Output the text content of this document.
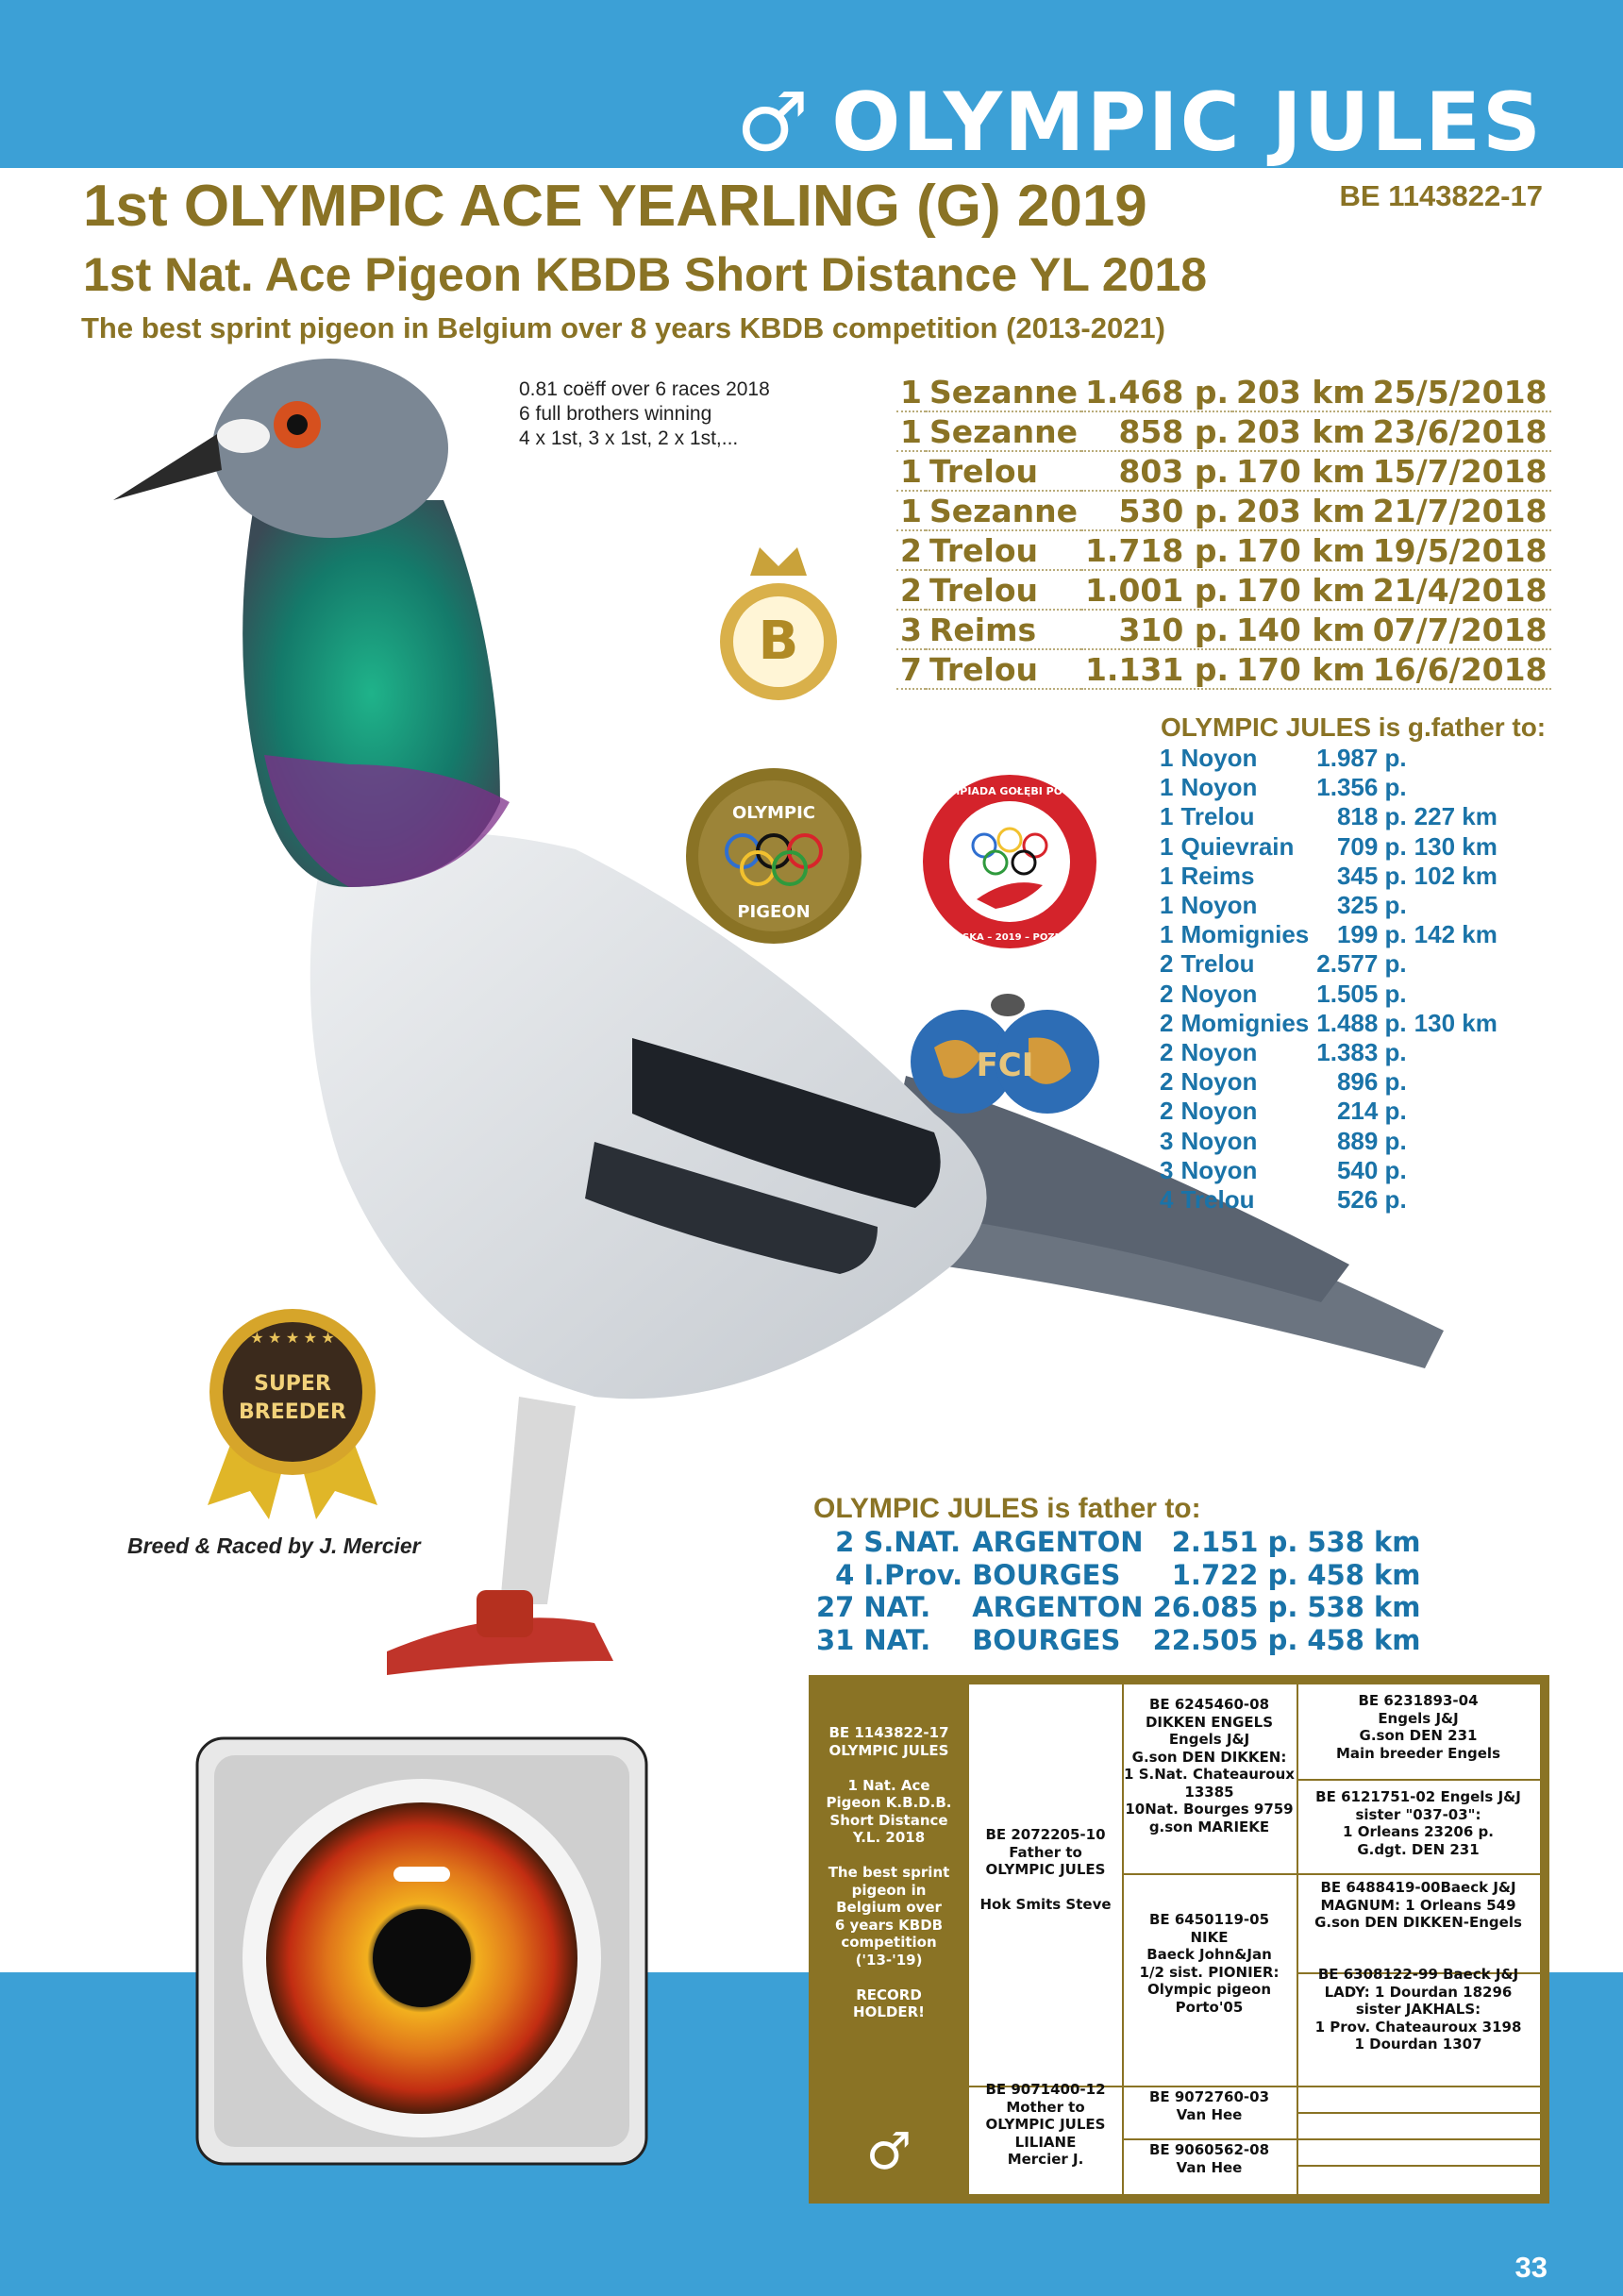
♂ OLYMPIC JULES
1st OLYMPIC ACE YEARLING (G) 2019	BE 1143822-17
1st Nat. Ace Pigeon KBDB Short Distance YL 2018
The best sprint pigeon in Belgium over 8 years KBDB competition (2013-2021)
0.81 coëff over 6 races 2018
6 full brothers winning
4 x 1st, 3 x 1st, 2 x 1st,...
B
OLYMPIC
PIGEON
XXXVI OLIMPIADA GOŁĘBI POCZTOWYCH
POLSKA – 2019 – POZNAŃ
FCI
★ ★ ★ ★ ★
SUPER
BREEDER
Breed & Raced by J. Mercier
1	Sezanne	1.468 p.	203 km	25/5/2018
1	Sezanne	858 p.	203 km	23/6/2018
1	Trelou	803 p.	170 km	15/7/2018
1	Sezanne	530 p.	203 km	21/7/2018
2	Trelou	1.718 p.	170 km	19/5/2018
2	Trelou	1.001 p.	170 km	21/4/2018
3	Reims	310 p.	140 km	07/7/2018
7	Trelou	1.131 p.	170 km	16/6/2018
OLYMPIC JULES is g.father to:
1	Noyon	1.987 p.	
1	Noyon	1.356 p.	
1	Trelou	818 p.	227 km
1	Quievrain	709 p.	130 km
1	Reims	345 p.	102 km
1	Noyon	325 p.	
1	Momignies	199 p.	142 km
2	Trelou	2.577 p.	
2	Noyon	1.505 p.	
2	Momignies	1.488 p.	130 km
2	Noyon	1.383 p.	
2	Noyon	896 p.	
2	Noyon	214 p.	
3	Noyon	889 p.	
3	Noyon	540 p.	
4	Trelou	526 p.	
OLYMPIC JULES is father to:
2	S.NAT.	ARGENTON	2.151 p.	538 km
4	I.Prov.	BOURGES	1.722 p.	458 km
27	NAT.	ARGENTON	26.085 p.	538 km
31	NAT.	BOURGES	22.505 p.	458 km
BE 1143822-17
OLYMPIC JULES
1 Nat. Ace
Pigeon K.B.D.B.
Short Distance
Y.L. 2018
The best sprint
pigeon in
Belgium over
6 years KBDB
competition
('13-'19)
RECORD
HOLDER!
♂
BE 2072205-10
Father to
OLYMPIC JULES
Hok Smits Steve
BE 9071400-12
Mother to
OLYMPIC JULES
LILIANE
Mercier J.
BE 6245460-08
DIKKEN ENGELS
Engels J&J
G.son DEN DIKKEN:
1 S.Nat. Chateauroux
13385
10Nat. Bourges 9759
g.son MARIEKE
BE 6450119-05
NIKE
Baeck John&Jan
1/2 sist. PIONIER:
Olympic pigeon
Porto'05
BE 9072760-03
Van Hee
BE 9060562-08
Van Hee
BE 6231893-04
Engels J&J
G.son DEN 231
Main breeder Engels
BE 6121751-02 Engels J&J
sister "037-03":
1 Orleans 23206 p.
G.dgt. DEN 231
BE 6488419-00Baeck J&J
MAGNUM: 1 Orleans 549
G.son DEN DIKKEN-Engels
BE 6308122-99 Baeck J&J
LADY: 1 Dourdan 18296
sister JAKHALS:
1 Prov. Chateauroux 3198
1 Dourdan 1307
33
